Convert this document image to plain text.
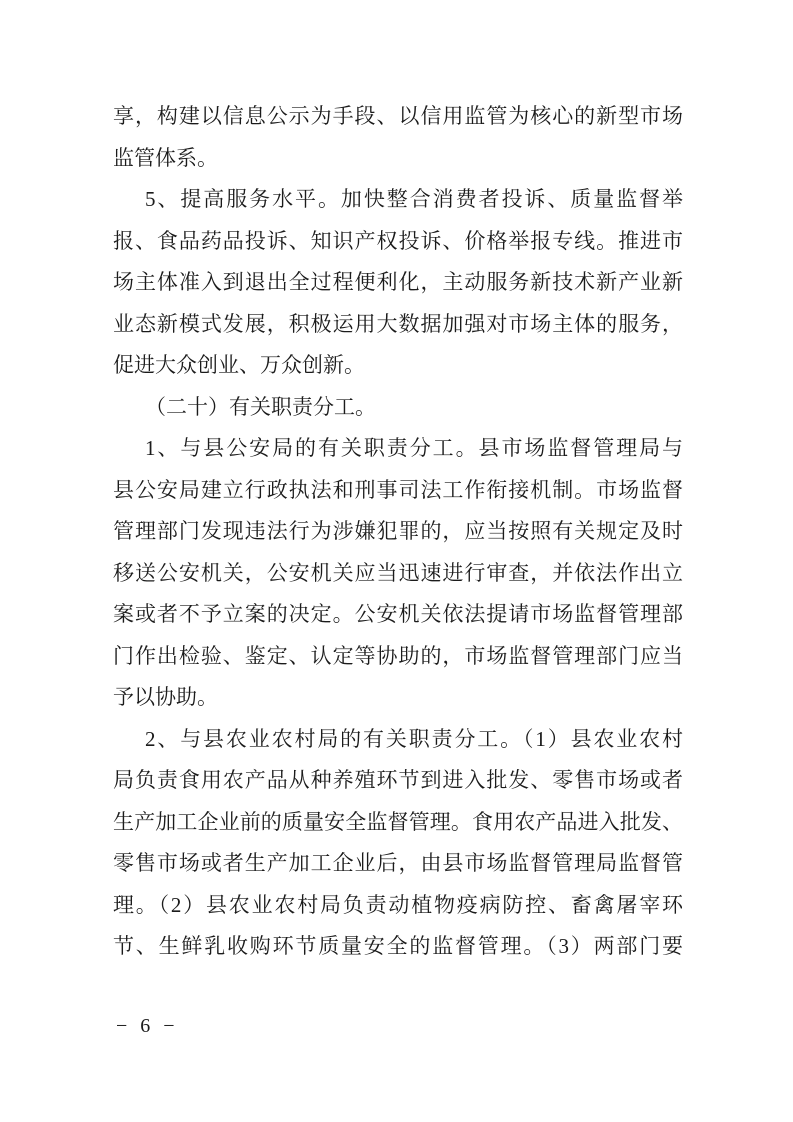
享，构建以信息公示为手段、以信用监管为核心的新型市场
监管体系。
5、提高服务水平。加快整合消费者投诉、质量监督举
报、食品药品投诉、知识产权投诉、价格举报专线。推进市
场主体准入到退出全过程便利化，主动服务新技术新产业新
业态新模式发展，积极运用大数据加强对市场主体的服务，
促进大众创业、万众创新。
（二十）有关职责分工。
1、与县公安局的有关职责分工。县市场监督管理局与
县公安局建立行政执法和刑事司法工作衔接机制。市场监督
管理部门发现违法行为涉嫌犯罪的，应当按照有关规定及时
移送公安机关，公安机关应当迅速进行审查，并依法作出立
案或者不予立案的决定。公安机关依法提请市场监督管理部
门作出检验、鉴定、认定等协助的，市场监督管理部门应当
予以协助。
2、与县农业农村局的有关职责分工。（1）县农业农村
局负责食用农产品从种养殖环节到进入批发、零售市场或者
生产加工企业前的质量安全监督管理。食用农产品进入批发、
零售市场或者生产加工企业后，由县市场监督管理局监督管
理。（2）县农业农村局负责动植物疫病防控、畜禽屠宰环
节、生鲜乳收购环节质量安全的监督管理。（3）两部门要
− 6 −
